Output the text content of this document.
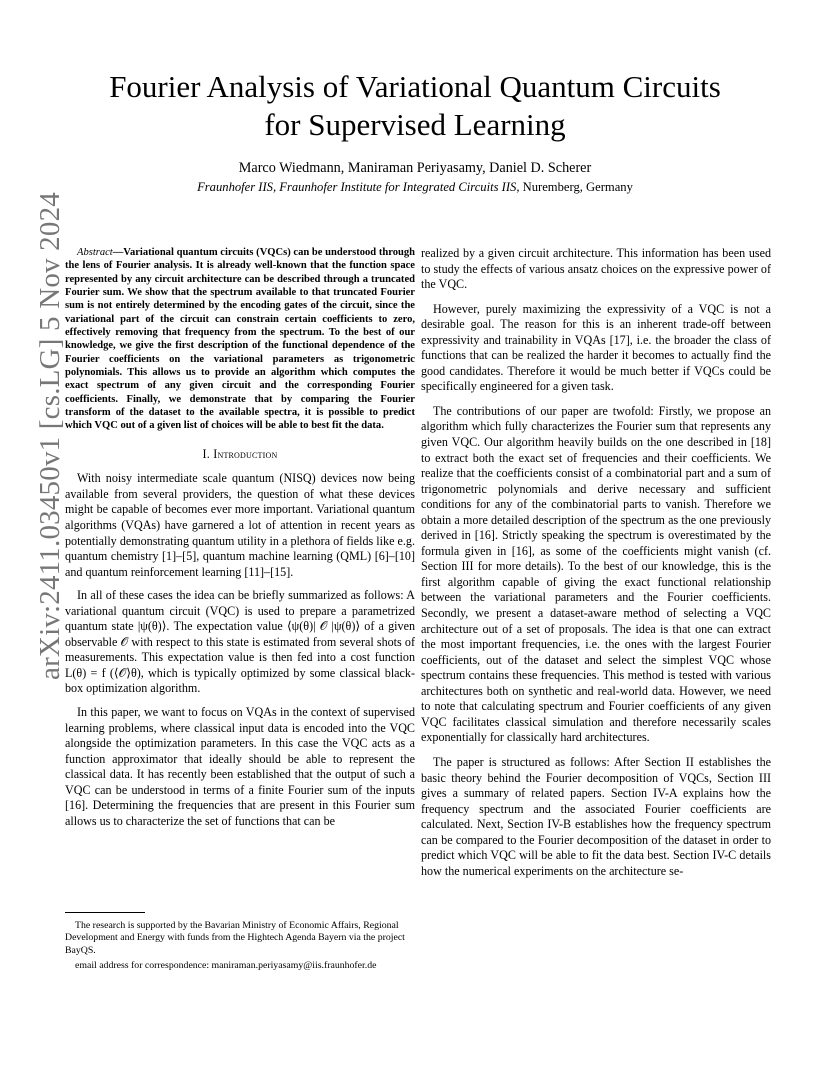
arXiv:2411.03450v1 [cs.LG] 5 Nov 2024
Fourier Analysis of Variational Quantum Circuits
for Supervised Learning
Marco Wiedmann, Maniraman Periyasamy, Daniel D. Scherer
Fraunhofer IIS, Fraunhofer Institute for Integrated Circuits IIS, Nuremberg, Germany

Abstract—Variational quantum circuits (VQCs) can be understood through the lens of Fourier analysis. It is already well-known that the function space represented by any circuit architecture can be described through a truncated Fourier sum. We show that the spectrum available to that truncated Fourier sum is not entirely determined by the encoding gates of the circuit, since the variational part of the circuit can constrain certain coefficients to zero, effectively removing that frequency from the spectrum. To the best of our knowledge, we give the first description of the functional dependence of the Fourier coefficients on the variational parameters as trigonometric polynomials. This allows us to provide an algorithm which computes the exact spectrum of any given circuit and the corresponding Fourier coefficients. Finally, we demonstrate that by comparing the Fourier transform of the dataset to the available spectra, it is possible to predict which VQC out of a given list of choices will be able to best fit the data.

I. Introduction

With noisy intermediate scale quantum (NISQ) devices now being available from several providers, the question of what these devices might be capable of becomes ever more important. Variational quantum algorithms (VQAs) have garnered a lot of attention in recent years as potentially demonstrating quantum utility in a plethora of fields like e.g. quantum chemistry [1]–[5], quantum machine learning (QML) [6]–[10] and quantum reinforcement learning [11]–[15].

In all of these cases the idea can be briefly summarized as follows: A variational quantum circuit (VQC) is used to prepare a parametrized quantum state |ψ(θ)⟩. The expectation value ⟨ψ(θ)| 𝒪 |ψ(θ)⟩ of a given observable 𝒪 with respect to this state is estimated from several shots of measurements. This expectation value is then fed into a cost function L(θ) = f (⟨𝒪⟩θ), which is typically optimized by some classical black-box optimization algorithm.

In this paper, we want to focus on VQAs in the context of supervised learning problems, where classical input data is encoded into the VQC alongside the optimization parameters. In this case the VQC acts as a function approximator that ideally should be able to represent the classical data. It has recently been established that the output of such a VQC can be understood in terms of a finite Fourier sum of the inputs [16]. Determining the frequencies that are present in this Fourier sum allows us to characterize the set of functions that can be

The research is supported by the Bavarian Ministry of Economic Affairs, Regional Development and Energy with funds from the Hightech Agenda Bayern via the project BayQS.

email address for correspondence: maniraman.periyasamy@iis.fraunhofer.de

realized by a given circuit architecture. This information has been used to study the effects of various ansatz choices on the expressive power of the VQC.

However, purely maximizing the expressivity of a VQC is not a desirable goal. The reason for this is an inherent trade-off between expressivity and trainability in VQAs [17], i.e. the broader the class of functions that can be realized the harder it becomes to actually find the good candidates. Therefore it would be much better if VQCs could be specifically engineered for a given task.

The contributions of our paper are twofold: Firstly, we propose an algorithm which fully characterizes the Fourier sum that represents any given VQC. Our algorithm heavily builds on the one described in [18] to extract both the exact set of frequencies and their coefficients. We realize that the coefficients consist of a combinatorial part and a sum of trigonometric polynomials and derive necessary and sufficient conditions for any of the combinatorial parts to vanish. Therefore we obtain a more detailed description of the spectrum as the one previously derived in [16]. Strictly speaking the spectrum is overestimated by the formula given in [16], as some of the coefficients might vanish (cf. Section III for more details). To the best of our knowledge, this is the first algorithm capable of giving the exact functional relationship between the variational parameters and the Fourier coefficients. Secondly, we present a dataset-aware method of selecting a VQC architecture out of a set of proposals. The idea is that one can extract the most important frequencies, i.e. the ones with the largest Fourier coefficients, out of the dataset and select the simplest VQC whose spectrum contains these frequencies. This method is tested with various architectures both on synthetic and real-world data. However, we need to note that calculating spectrum and Fourier coefficients of any given VQC facilitates classical simulation and therefore necessarily scales exponentially for classically hard architectures.

The paper is structured as follows: After Section II establishes the basic theory behind the Fourier decomposition of VQCs, Section III gives a summary of related papers. Section IV-A explains how the frequency spectrum and the associated Fourier coefficients are calculated. Next, Section IV-B establishes how the frequency spectrum can be compared to the Fourier decomposition of the dataset in order to predict which VQC will be able to fit the data best. Section IV-C details how the numerical experiments on the architecture se-
